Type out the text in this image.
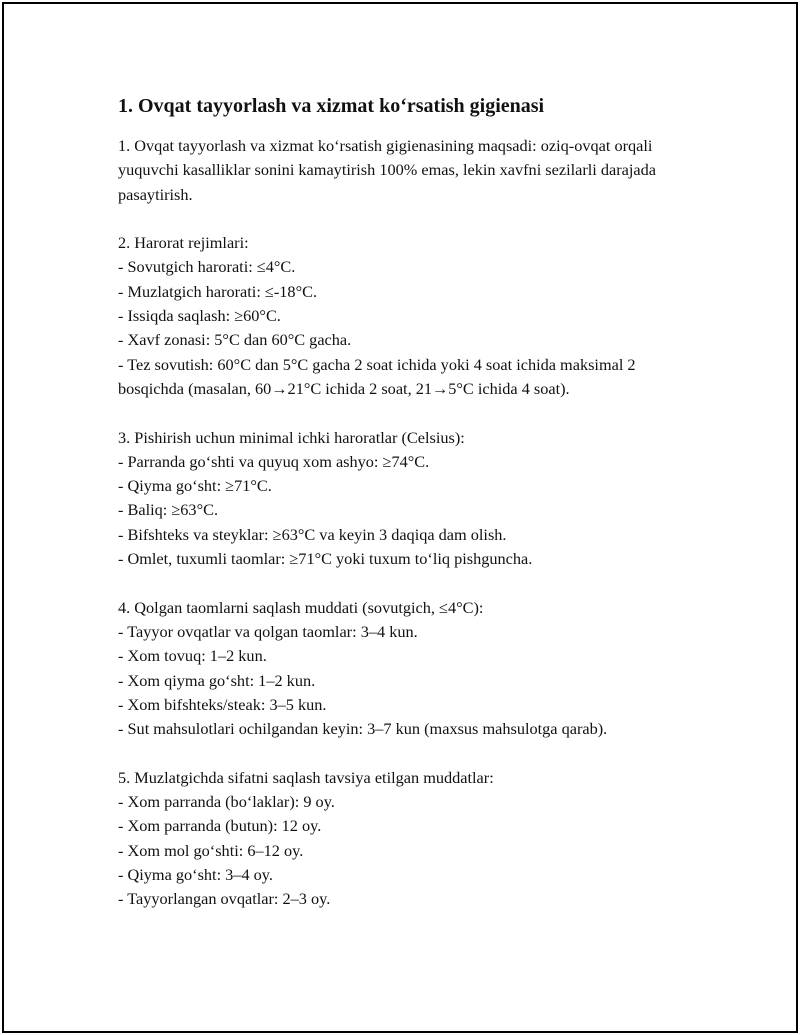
1. Ovqat tayyorlash va xizmat ko‘rsatish gigienasi

1. Ovqat tayyorlash va xizmat ko‘rsatish gigienasining maqsadi: oziq-ovqat orqali yuquvchi kasalliklar sonini kamaytirish 100% emas, lekin xavfni sezilarli darajada pasaytirish.

2. Harorat rejimlari:
- Sovutgich harorati: ≤4°C.
- Muzlatgich harorati: ≤-18°C.
- Issiqda saqlash: ≥60°C.
- Xavf zonasi: 5°C dan 60°C gacha.
- Tez sovutish: 60°C dan 5°C gacha 2 soat ichida yoki 4 soat ichida maksimal 2 bosqichda (masalan, 60→21°C ichida 2 soat, 21→5°C ichida 4 soat).
3. Pishirish uchun minimal ichki haroratlar (Celsius):
- Parranda go‘shti va quyuq xom ashyo: ≥74°C.
- Qiyma go‘sht: ≥71°C.
- Baliq: ≥63°C.
- Bifshteks va steyklar: ≥63°C va keyin 3 daqiqa dam olish.
- Omlet, tuxumli taomlar: ≥71°C yoki tuxum to‘liq pishguncha.
4. Qolgan taomlarni saqlash muddati (sovutgich, ≤4°C):
- Tayyor ovqatlar va qolgan taomlar: 3–4 kun.
- Xom tovuq: 1–2 kun.
- Xom qiyma go‘sht: 1–2 kun.
- Xom bifshteks/steak: 3–5 kun.
- Sut mahsulotlari ochilgandan keyin: 3–7 kun (maxsus mahsulotga qarab).
5. Muzlatgichda sifatni saqlash tavsiya etilgan muddatlar:
- Xom parranda (bo‘laklar): 9 oy.
- Xom parranda (butun): 12 oy.
- Xom mol go‘shti: 6–12 oy.
- Qiyma go‘sht: 3–4 oy.
- Tayyorlangan ovqatlar: 2–3 oy.
